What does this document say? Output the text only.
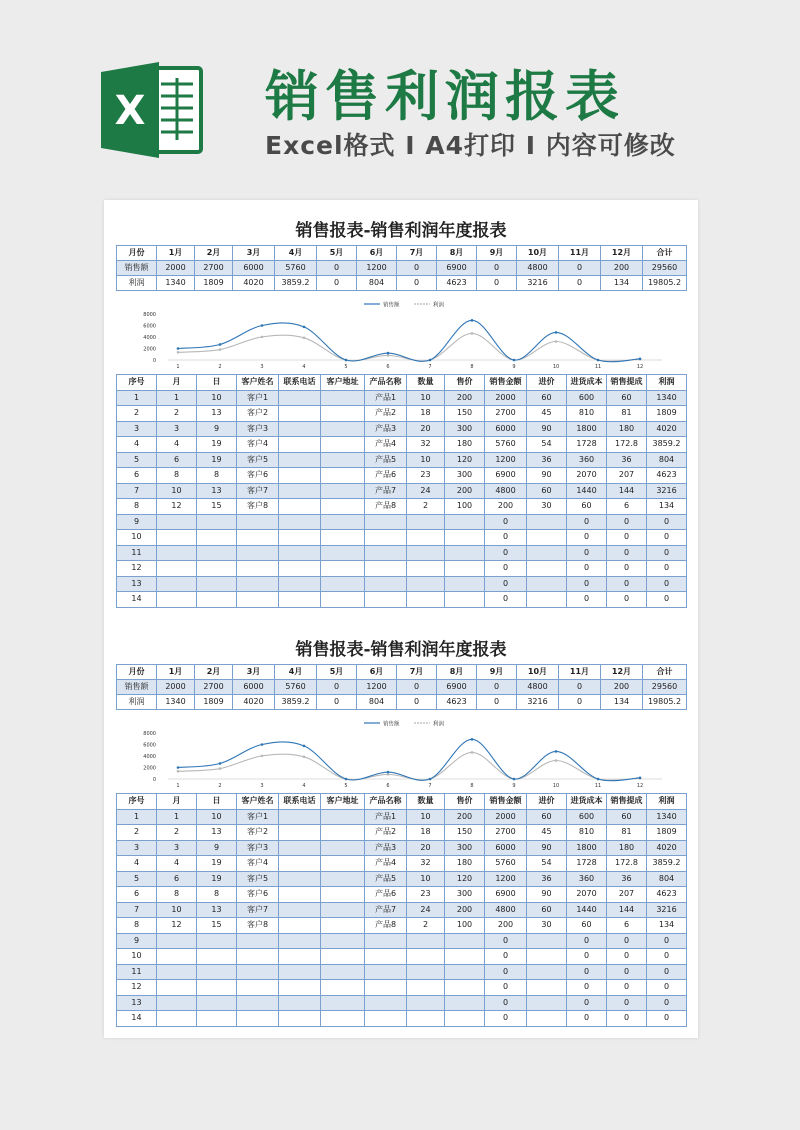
X 销售利润报表
Excel格式 I A4打印 I 内容可修改
销售报表-销售利润年度报表
月份	1月	2月	3月	4月	5月	6月	7月	8月	9月	10月	11月	12月	合计
销售额	2000	2700	6000	5760	0	1200	0	6900	0	4800	0	200	29560
利润	1340	1809	4020	3859.2	0	804	0	4623	0	3216	0	134	19805.2
销售额	利润
0
2000
4000
6000
8000
1	2	3	4	5	6	7	8	9	10	11	12
序号	月	日	客户姓名	联系电话	客户地址	产品名称	数量	售价	销售金额	进价	进货成本	销售提成	利润
1	1	10	客户1			产品1	10	200	2000	60	600	60	1340
2	2	13	客户2			产品2	18	150	2700	45	810	81	1809
3	3	9	客户3			产品3	20	300	6000	90	1800	180	4020
4	4	19	客户4			产品4	32	180	5760	54	1728	172.8	3859.2
5	6	19	客户5			产品5	10	120	1200	36	360	36	804
6	8	8	客户6			产品6	23	300	6900	90	2070	207	4623
7	10	13	客户7			产品7	24	200	4800	60	1440	144	3216
8	12	15	客户8			产品8	2	100	200	30	60	6	134
9									0		0	0	0
10									0		0	0	0
11									0		0	0	0
12									0		0	0	0
13									0		0	0	0
14									0		0	0	0
销售报表-销售利润年度报表
月份	1月	2月	3月	4月	5月	6月	7月	8月	9月	10月	11月	12月	合计
销售额	2000	2700	6000	5760	0	1200	0	6900	0	4800	0	200	29560
利润	1340	1809	4020	3859.2	0	804	0	4623	0	3216	0	134	19805.2
销售额	利润
0
2000
4000
6000
8000
1	2	3	4	5	6	7	8	9	10	11	12
序号	月	日	客户姓名	联系电话	客户地址	产品名称	数量	售价	销售金额	进价	进货成本	销售提成	利润
1	1	10	客户1			产品1	10	200	2000	60	600	60	1340
2	2	13	客户2			产品2	18	150	2700	45	810	81	1809
3	3	9	客户3			产品3	20	300	6000	90	1800	180	4020
4	4	19	客户4			产品4	32	180	5760	54	1728	172.8	3859.2
5	6	19	客户5			产品5	10	120	1200	36	360	36	804
6	8	8	客户6			产品6	23	300	6900	90	2070	207	4623
7	10	13	客户7			产品7	24	200	4800	60	1440	144	3216
8	12	15	客户8			产品8	2	100	200	30	60	6	134
9									0		0	0	0
10									0		0	0	0
11									0		0	0	0
12									0		0	0	0
13									0		0	0	0
14									0		0	0	0
